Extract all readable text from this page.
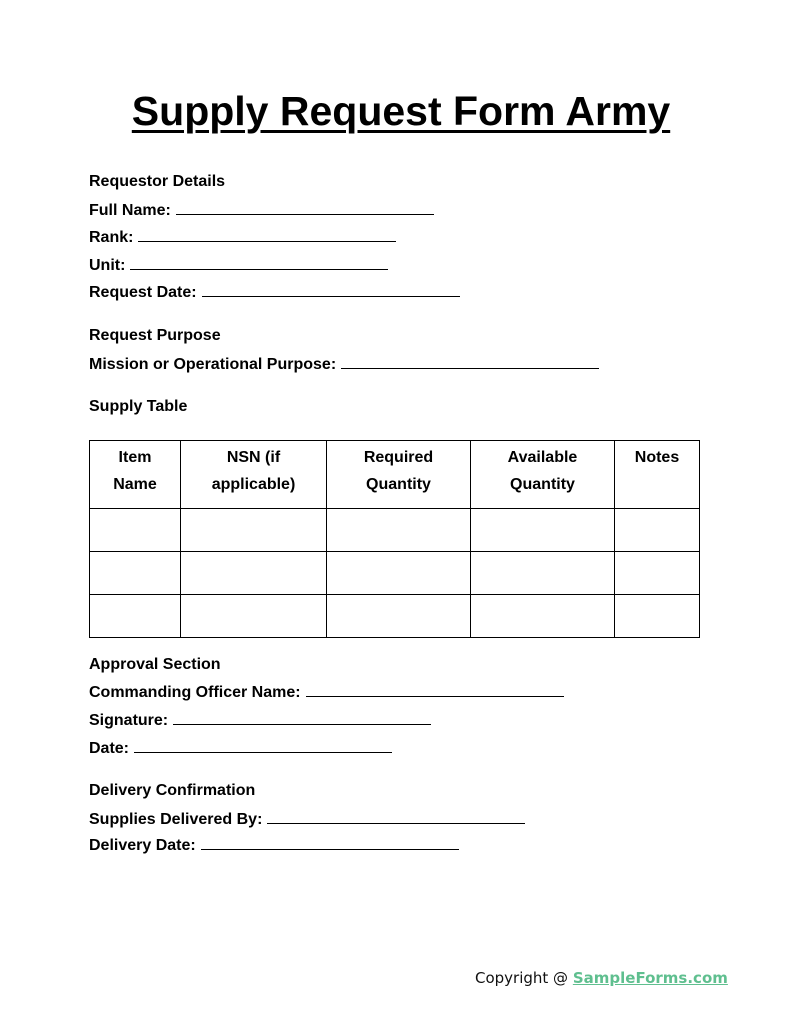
Supply Request Form Army
Requestor Details
Full Name:
Rank:
Unit:
Request Date:
Request Purpose
Mission or Operational Purpose:
Supply Table
Item Name	NSN (if applicable)	Required Quantity	Available Quantity	Notes

Approval Section
Commanding Officer Name:
Signature:
Date:
Delivery Confirmation
Supplies Delivered By:
Delivery Date:
Copyright @ SampleForms.com
